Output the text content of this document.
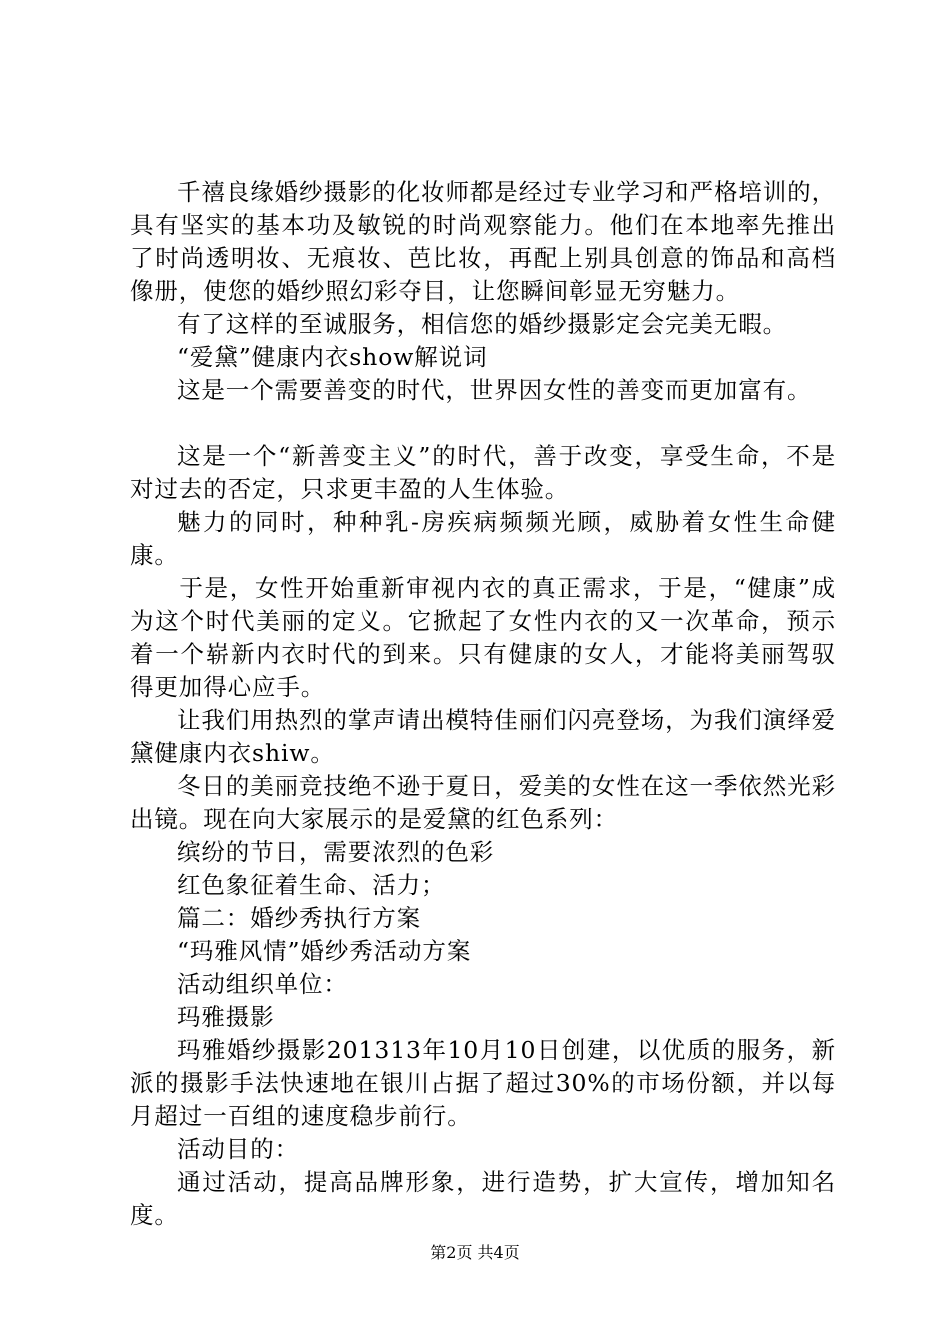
千禧良缘婚纱摄影的化妆师都是经过专业学习和严格培训的，具有坚实的基本功及敏锐的时尚观察能力。他们在本地率先推出了时尚透明妆、无痕妆、芭比妆，再配上别具创意的饰品和高档像册，使您的婚纱照幻彩夺目，让您瞬间彰显无穷魅力。

有了这样的至诚服务，相信您的婚纱摄影定会完美无暇。

“爱黛”健康内衣show解说词

这是一个需要善变的时代，世界因女性的善变而更加富有。

这是一个“新善变主义”的时代，善于改变，享受生命，不是对过去的否定，只求更丰盈的人生体验。

魅力的同时，种种乳-房疾病频频光顾，威胁着女性生命健康。

于是，女性开始重新审视内衣的真正需求，于是，“健康”成为这个时代美丽的定义。它掀起了女性内衣的又一次革命，预示着一个崭新内衣时代的到来。只有健康的女人，才能将美丽驾驭得更加得心应手。

让我们用热烈的掌声请出模特佳丽们闪亮登场，为我们演绎爱黛健康内衣shiw。

冬日的美丽竞技绝不逊于夏日，爱美的女性在这一季依然光彩出镜。现在向大家展示的是爱黛的红色系列：

缤纷的节日，需要浓烈的色彩

红色象征着生命、活力；

篇二：婚纱秀执行方案

“玛雅风情”婚纱秀活动方案

活动组织单位：

玛雅摄影

玛雅婚纱摄影201313年10月10日创建，以优质的服务，新派的摄影手法快速地在银川占据了超过30%的市场份额，并以每月超过一百组的速度稳步前行。

活动目的：

通过活动，提高品牌形象，进行造势，扩大宣传，增加知名度。

第2页 共4页
